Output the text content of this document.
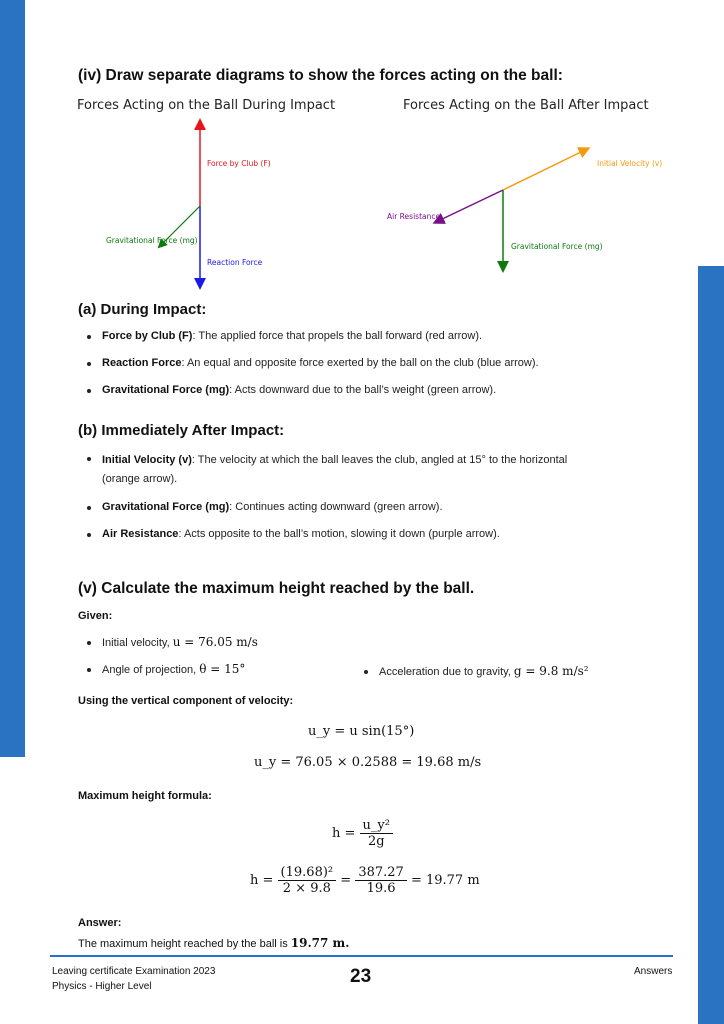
(iv) Draw separate diagrams to show the forces acting on the ball:
Forces Acting on the Ball During Impact	Forces Acting on the Ball After Impact
Force by Club (F)
Gravitational Force (mg)
Reaction Force
Initial Velocity (v)
Air Resistance
Gravitational Force (mg)
(a) During Impact:
Force by Club (F): The applied force that propels the ball forward (red arrow).
Reaction Force: An equal and opposite force exerted by the ball on the club (blue arrow).
Gravitational Force (mg): Acts downward due to the ball’s weight (green arrow).
(b) Immediately After Impact:
Initial Velocity (v): The velocity at which the ball leaves the club, angled at 15° to the horizontal
(orange arrow).
Gravitational Force (mg): Continues acting downward (green arrow).
Air Resistance: Acts opposite to the ball’s motion, slowing it down (purple arrow).
(v) Calculate the maximum height reached by the ball.
Given:
Initial velocity, u = 76.05 m/s
Angle of projection, θ = 15°	Acceleration due to gravity, g = 9.8 m/s²
Using the vertical component of velocity:
u_y = u sin(15°)
u_y = 76.05 × 0.2588 = 19.68 m/s
Maximum height formula:
$h = \frac{\text{u\_y²}}{2g}$
$h = \frac{\text{(19.68)²}}{2 \times 9.8} = \frac{387.27}{19.6} = 19.77$ m
Answer:
The maximum height reached by the ball is 19.77 m.
Leaving certificate Examination 2023
Physics - Higher Level	23	Answers
